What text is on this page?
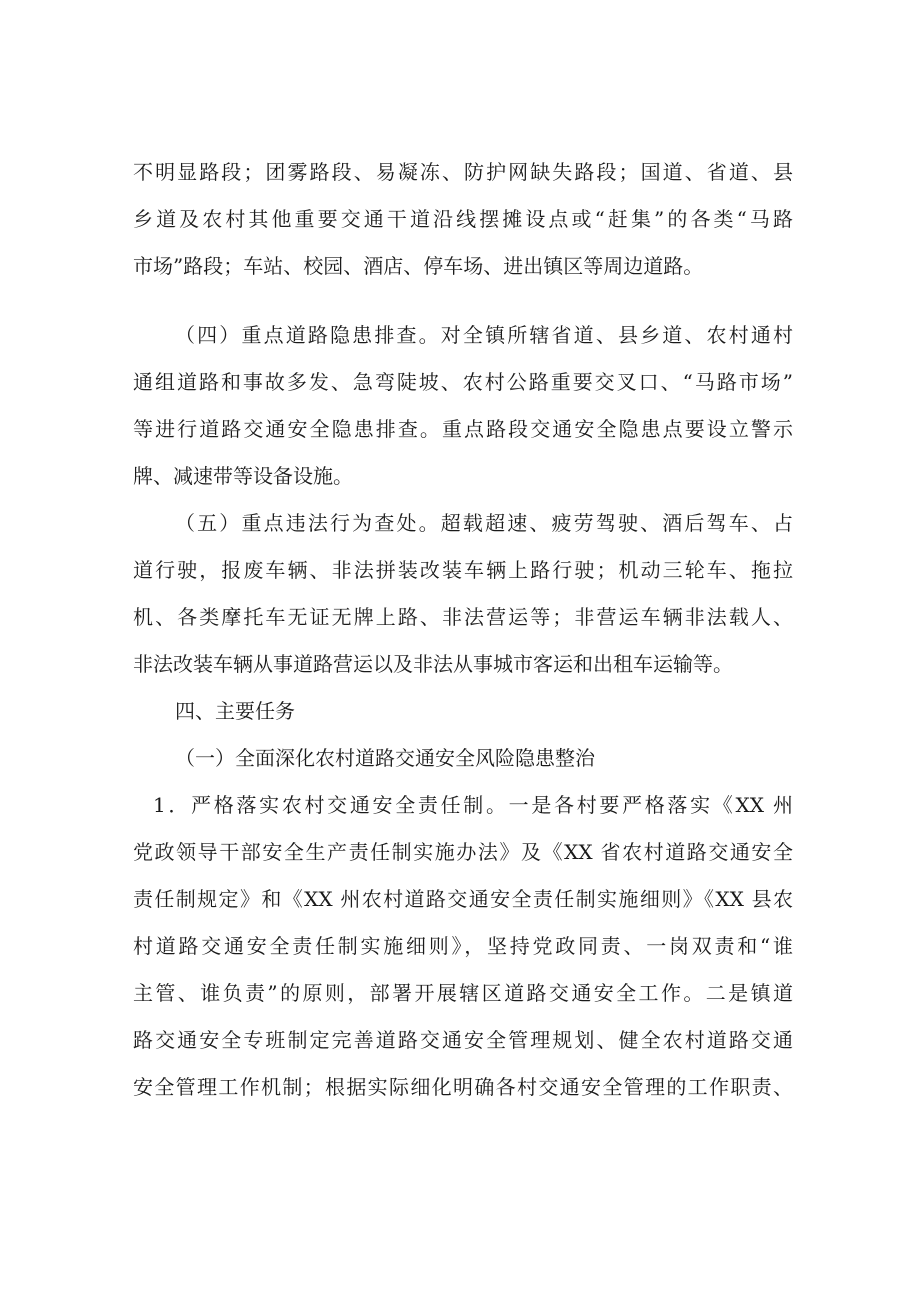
不明显路段；团雾路段、易凝冻、防护网缺失路段；国道、省道、县
乡道及农村其他重要交通干道沿线摆摊设点或“赶集”的各类“马路
市场”路段；车站、校园、酒店、停车场、进出镇区等周边道路。
（四）重点道路隐患排查。对全镇所辖省道、县乡道、农村通村
通组道路和事故多发、急弯陡坡、农村公路重要交叉口、“马路市场”
等进行道路交通安全隐患排查。重点路段交通安全隐患点要设立警示
牌、减速带等设备设施。
（五）重点违法行为查处。超载超速、疲劳驾驶、酒后驾车、占
道行驶，报废车辆、非法拼装改装车辆上路行驶；机动三轮车、拖拉
机、各类摩托车无证无牌上路、非法营运等；非营运车辆非法载人、
非法改装车辆从事道路营运以及非法从事城市客运和出租车运输等。
四、主要任务
（一）全面深化农村道路交通安全风险隐患整治
1．严格落实农村交通安全责任制。一是各村要严格落实《XX 州
党政领导干部安全生产责任制实施办法》及《XX 省农村道路交通安全
责任制规定》和《XX 州农村道路交通安全责任制实施细则》《XX 县农
村道路交通安全责任制实施细则》，坚持党政同责、一岗双责和“谁
主管、谁负责”的原则，部署开展辖区道路交通安全工作。二是镇道
路交通安全专班制定完善道路交通安全管理规划、健全农村道路交通
安全管理工作机制；根据实际细化明确各村交通安全管理的工作职责、
